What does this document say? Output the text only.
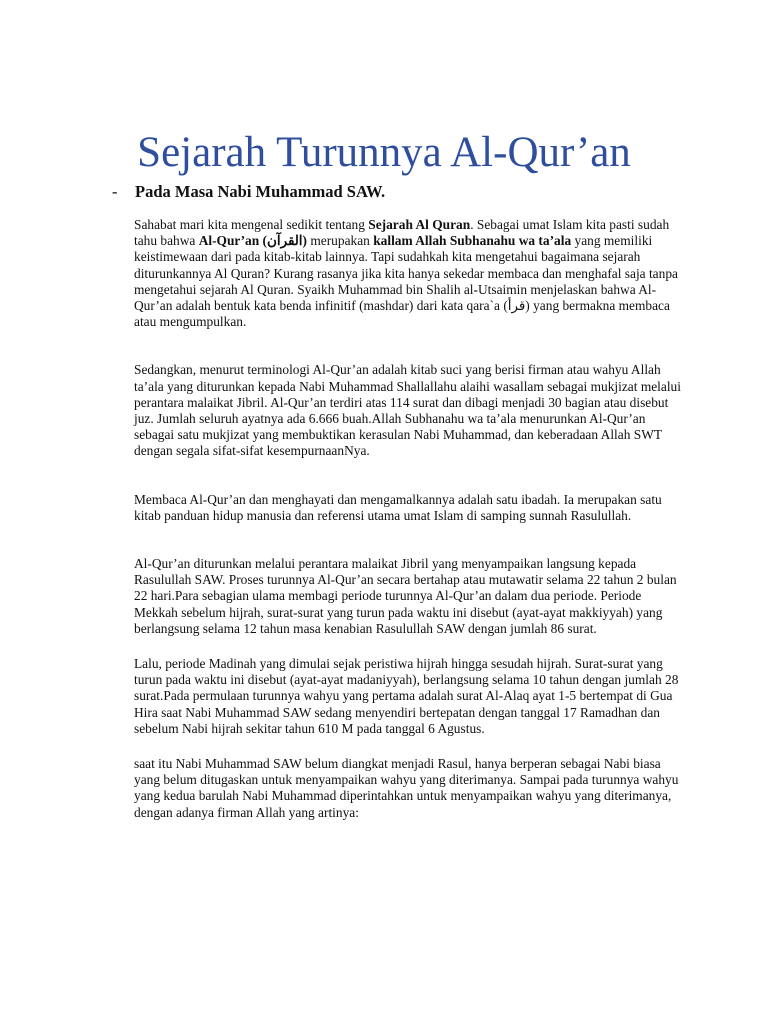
Sejarah Turunnya Al-Qur’an
- Pada Masa Nabi Muhammad SAW.

Sahabat mari kita mengenal sedikit tentang Sejarah Al Quran. Sebagai umat Islam kita pasti sudah tahu bahwa Al-Qur’an (القرآن) merupakan kallam Allah Subhanahu wa ta’ala yang memiliki keistimewaan dari pada kitab-kitab lainnya. Tapi sudahkah kita mengetahui bagaimana sejarah diturunkannya Al Quran? Kurang rasanya jika kita hanya sekedar membaca dan menghafal saja tanpa mengetahui sejarah Al Quran. Syaikh Muhammad bin Shalih al-Utsaimin menjelaskan bahwa Al-Qur’an adalah bentuk kata benda infinitif (mashdar) dari kata qara`a (قرأ) yang bermakna membaca atau mengumpulkan.

Sedangkan, menurut terminologi Al-Qur’an adalah kitab suci yang berisi firman atau wahyu Allah ta’ala yang diturunkan kepada Nabi Muhammad Shallallahu alaihi wasallam sebagai mukjizat melalui perantara malaikat Jibril. Al-Qur’an terdiri atas 114 surat dan dibagi menjadi 30 bagian atau disebut juz. Jumlah seluruh ayatnya ada 6.666 buah.Allah Subhanahu wa ta’ala menurunkan Al-Qur’an sebagai satu mukjizat yang membuktikan kerasulan Nabi Muhammad, dan keberadaan Allah SWT dengan segala sifat-sifat kesempurnaanNya.

Membaca Al-Qur’an dan menghayati dan mengamalkannya adalah satu ibadah. Ia merupakan satu kitab panduan hidup manusia dan referensi utama umat Islam di samping sunnah Rasulullah.

Al-Qur’an diturunkan melalui perantara malaikat Jibril yang menyampaikan langsung kepada Rasulullah SAW. Proses turunnya Al-Qur’an secara bertahap atau mutawatir selama 22 tahun 2 bulan 22 hari.Para sebagian ulama membagi periode turunnya Al-Qur’an dalam dua periode. Periode Mekkah sebelum hijrah, surat-surat yang turun pada waktu ini disebut (ayat-ayat makkiyyah) yang berlangsung selama 12 tahun masa kenabian Rasulullah SAW dengan jumlah 86 surat.

Lalu, periode Madinah yang dimulai sejak peristiwa hijrah hingga sesudah hijrah. Surat-surat yang turun pada waktu ini disebut (ayat-ayat madaniyyah), berlangsung selama 10 tahun dengan jumlah 28 surat.Pada permulaan turunnya wahyu yang pertama adalah surat Al-Alaq ayat 1-5 bertempat di Gua Hira saat Nabi Muhammad SAW sedang menyendiri bertepatan dengan tanggal 17 Ramadhan dan sebelum Nabi hijrah sekitar tahun 610 M pada tanggal 6 Agustus.

saat itu Nabi Muhammad SAW belum diangkat menjadi Rasul, hanya berperan sebagai Nabi biasa yang belum ditugaskan untuk menyampaikan wahyu yang diterimanya. Sampai pada turunnya wahyu yang kedua barulah Nabi Muhammad diperintahkan untuk menyampaikan wahyu yang diterimanya, dengan adanya firman Allah yang artinya:
